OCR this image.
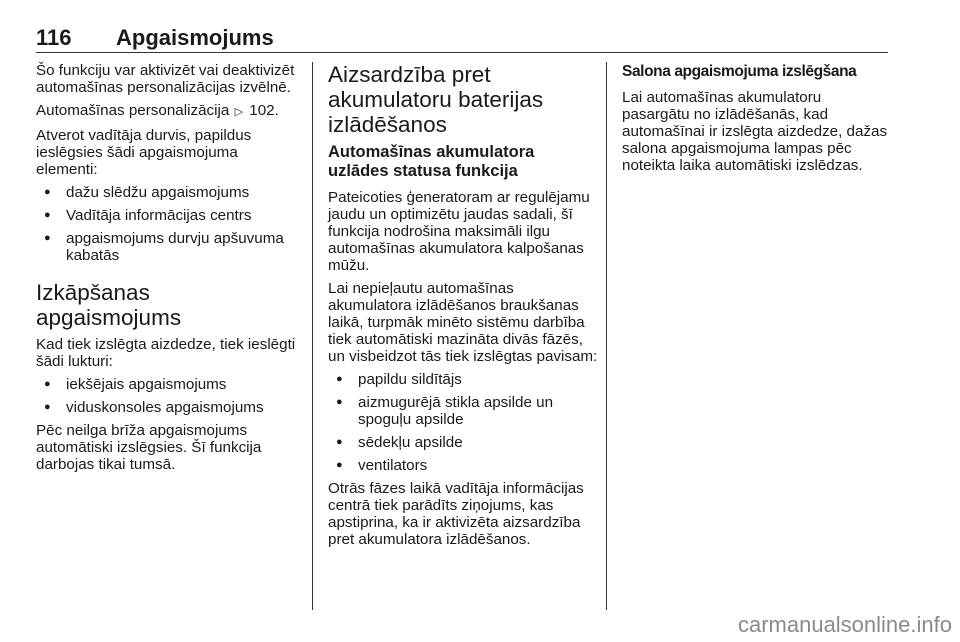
116 Apgaismojums

Šo funkciju var aktivizēt vai deaktivizēt automašīnas personalizācijas izvēlnē.

Automašīnas personalizācija ▷ 102.

Atverot vadītāja durvis, papildus ieslēgsies šādi apgaismojuma elementi:

● dažu slēdžu apgaismojums
● Vadītāja informācijas centrs
● apgaismojums durvju apšuvuma kabatās
Izkāpšanas apgaismojums

Kad tiek izslēgta aizdedze, tiek ieslēgti šādi lukturi:

● iekšējais apgaismojums
● viduskonsoles apgaismojums

Pēc neilga brīža apgaismojums automātiski izslēgsies. Šī funkcija darbojas tikai tumsā.

Aizsardzība pret akumulatoru baterijas izlādēšanos
Automašīnas akumulatora uzlādes statusa funkcija

Pateicoties ģeneratoram ar regulējamu jaudu un optimizētu jaudas sadali, šī funkcija nodrošina maksimāli ilgu automašīnas akumulatora kalpošanas mūžu.

Lai nepieļautu automašīnas akumulatora izlādēšanos braukšanas laikā, turpmāk minēto sistēmu darbība tiek automātiski mazināta divās fāzēs, un visbeidzot tās tiek izslēgtas pavisam:

● papildu sildītājs
● aizmugurējā stikla apsilde un spoguļu apsilde
● sēdekļu apsilde
● ventilators

Otrās fāzes laikā vadītāja informācijas centrā tiek parādīts ziņojums, kas apstiprina, ka ir aktivizēta aizsardzība pret akumulatora izlādēšanos.

Salona apgaismojuma izslēgšana

Lai automašīnas akumulatoru pasargātu no izlādēšanās, kad automašīnai ir izslēgta aizdedze, dažas salona apgaismojuma lampas pēc noteikta laika automātiski izslēdzas.

carmanualsonline.info
